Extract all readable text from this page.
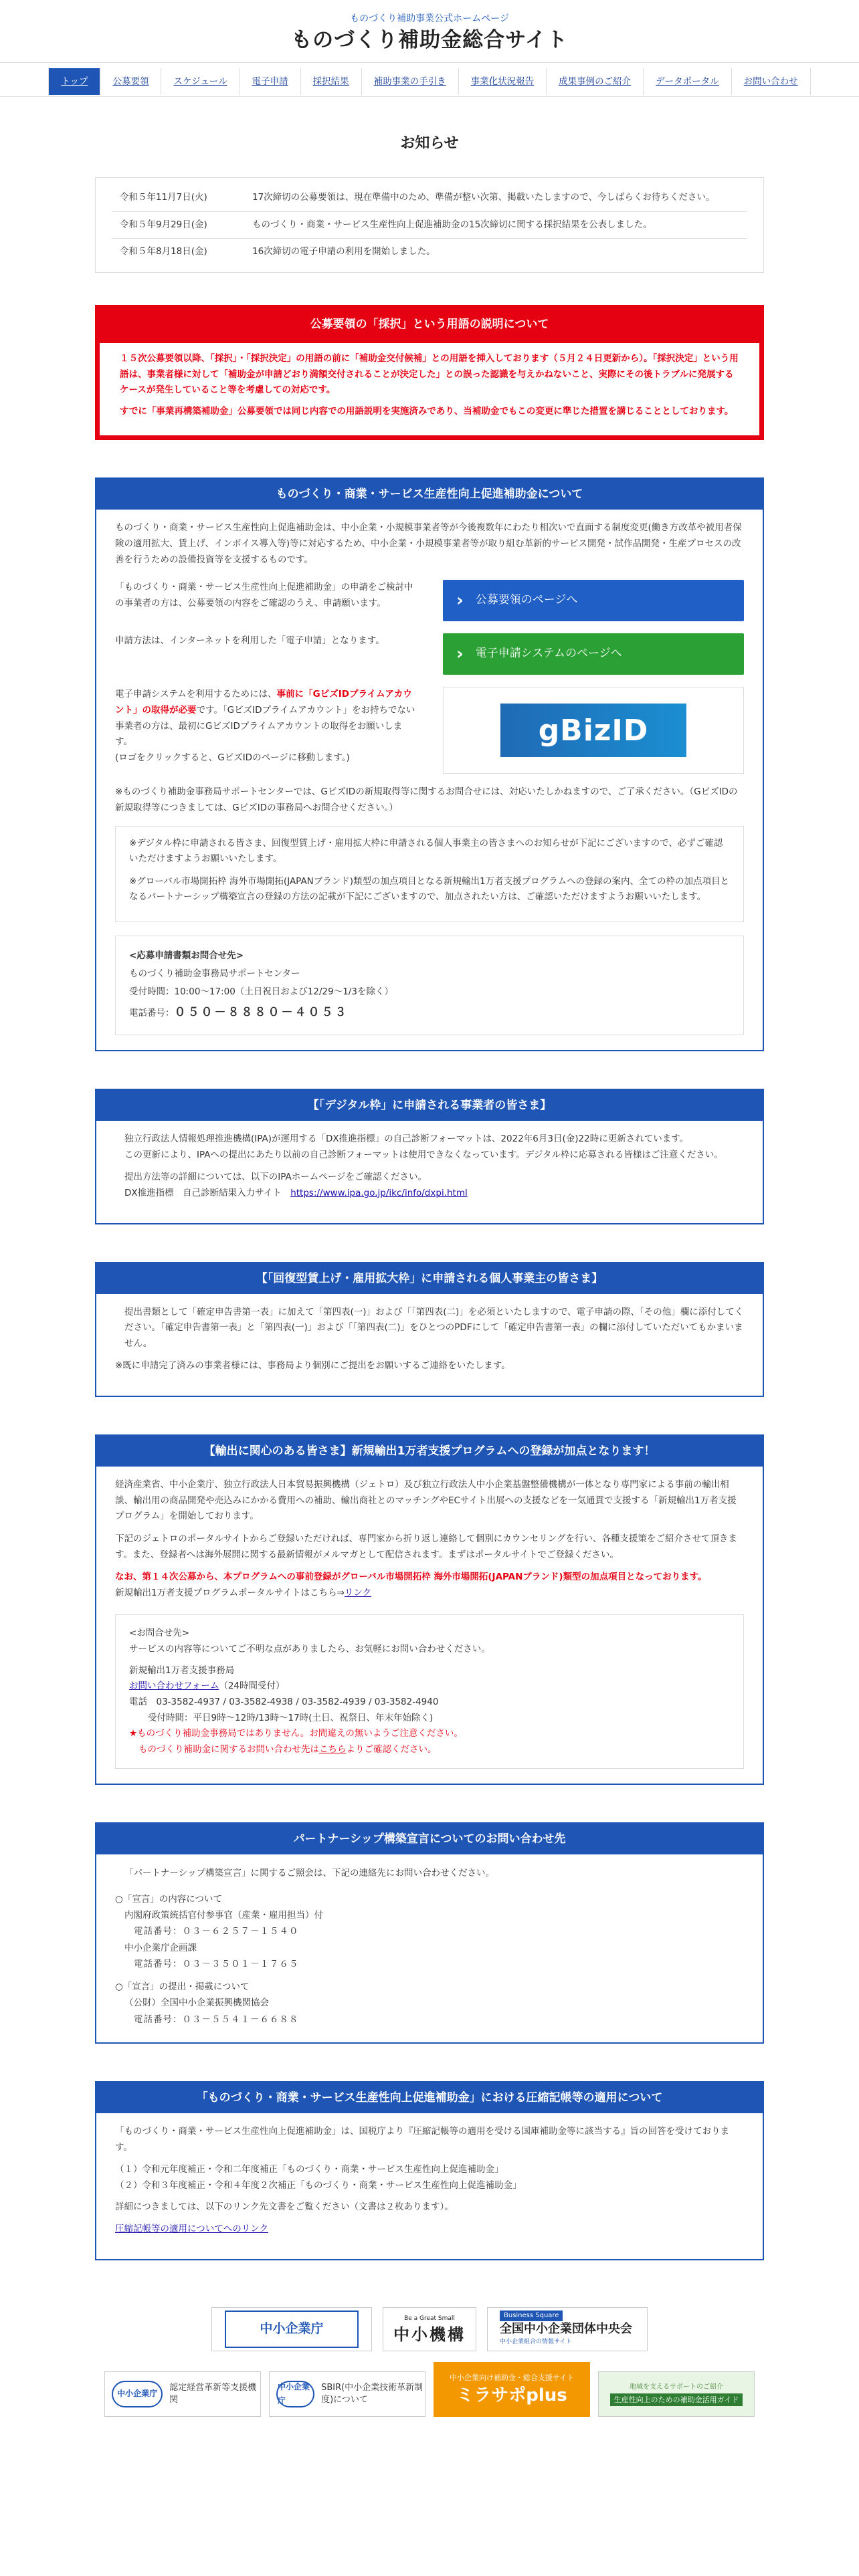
ものづくり補助事業公式ホームページ
ものづくり補助金総合サイト
トップ	公募要領	スケジュール	電子申請	採択結果	補助事業の手引き	事業化状況報告	成果事例のご紹介	データポータル	お問い合わせ
お知らせ
令和５年11月7日(火)	17次締切の公募要領は、現在準備中のため、準備が整い次第、掲載いたしますので、今しばらくお待ちください。
令和５年9月29日(金)	ものづくり・商業・サービス生産性向上促進補助金の15次締切に関する採択結果を公表しました。
令和５年8月18日(金)	16次締切の電子申請の利用を開始しました。
公募要領の「採択」という用語の説明について

１５次公募要領以降、「採択」・「採択決定」の用語の前に「補助金交付候補」との用語を挿入しております（５月２４日更新から）。「採択決定」という用語は、事業者様に対して「補助金が申請どおり満額交付されることが決定した」との誤った認識を与えかねないこと、実際にその後トラブルに発展するケースが発生していること等を考慮しての対応です。

すでに「事業再構築補助金」公募要領では同じ内容での用語説明を実施済みであり、当補助金でもこの変更に準じた措置を講じることとしております。

ものづくり・商業・サービス生産性向上促進補助金について

ものづくり・商業・サービス生産性向上促進補助金は、中小企業・小規模事業者等が今後複数年にわたり相次いで直面する制度変更(働き方改革や被用者保険の適用拡大、賃上げ、インボイス導入等)等に対応するため、中小企業・小規模事業者等が取り組む革新的サービス開発・試作品開発・生産プロセスの改善を行うための設備投資等を支援するものです。

「ものづくり・商業・サービス生産性向上促進補助金」の申請をご検討中の事業者の方は、公募要領の内容をご確認のうえ、申請願います。	› 公募要領のページへ

申請方法は、インターネットを利用した「電子申請」となります。

› 電子申請システムのページへ

電子申請システムを利用するためには、事前に「GビズIDプライムアカウント」の取得が必要です。「GビズIDプライムアカウント」をお持ちでない事業者の方は、最初にGビズIDプライムアカウントの取得をお願いします。
(ロゴをクリックすると、GビズIDのページに移動します。)

gBizID

※ものづくり補助金事務局サポートセンターでは、GビズIDの新規取得等に関するお問合せには、対応いたしかねますので、ご了承ください。（GビズIDの新規取得等につきましては、GビズIDの事務局へお問合せください。）

※デジタル枠に申請される皆さま、回復型賃上げ・雇用拡大枠に申請される個人事業主の皆さまへのお知らせが下記にございますので、必ずご確認いただけますようお願いいたします。

※グローバル市場開拓枠 海外市場開拓(JAPANブランド)類型の加点項目となる新規輸出1万者支援プログラムへの登録の案内、全ての枠の加点項目となるパートナーシップ構築宣言の登録の方法の記載が下記にございますので、加点されたい方は、ご確認いただけますようお願いいたします。

<応募申請書類お問合せ先>
ものづくり補助金事務局サポートセンター
受付時間：10:00～17:00（土日祝日および12/29～1/3を除く）
電話番号：０５０－８８８０－４０５３
【「デジタル枠」に申請される事業者の皆さま】

独立行政法人情報処理推進機構(IPA)が運用する「DX推進指標」の自己診断フォーマットは、2022年6月3日(金)22時に更新されています。

この更新により、IPAへの提出にあたり以前の自己診断フォーマットは使用できなくなっています。デジタル枠に応募される皆様はご注意ください。

提出方法等の詳細については、以下のIPAホームページをご確認ください。

DX推進指標　自己診断結果入力サイト　 https://www.ipa.go.jp/ikc/info/dxpi.html

【「回復型賃上げ・雇用拡大枠」に申請される個人事業主の皆さま】

提出書類として「確定申告書第一表」に加えて「第四表(一)」および「「第四表(二)」を必須といたしますので、電子申請の際、「その他」欄に添付してください。「確定申告書第一表」と「第四表(一)」および「「第四表(二)」をひとつのPDFにして「確定申告書第一表」の欄に添付していただいてもかまいません。

※既に申請完了済みの事業者様には、事務局より個別にご提出をお願いするご連絡をいたします。

【輸出に関心のある皆さま】新規輸出1万者支援プログラムへの登録が加点となります！

経済産業省、中小企業庁、独立行政法人日本貿易振興機構（ジェトロ）及び独立行政法人中小企業基盤整備機構が一体となり専門家による事前の輸出相談、輸出用の商品開発や売込みにかかる費用への補助、輸出商社とのマッチングやECサイト出展への支援などを一気通貫で支援する「新規輸出1万者支援プログラム」を開始しております。

下記のジェトロのポータルサイトからご登録いただければ、専門家から折り返し連絡して個別にカウンセリングを行い、各種支援策をご紹介させて頂きます。また、登録者へは海外展開に関する最新情報がメルマガとして配信されます。まずはポータルサイトでご登録ください。

なお、第１４次公募から、本プログラムへの事前登録がグローバル市場開拓枠 海外市場開拓(JAPANブランド)類型の加点項目となっております。

新規輸出1万者支援プログラムポータルサイトはこちら⇒リンク

<お問合せ先>
サービスの内容等についてご不明な点がありましたら、お気軽にお問い合わせください。
新規輸出1万者支援事務局
お問い合わせフォーム（24時間受付）
電話　03-3582-4937 / 03-3582-4938 / 03-3582-4939 / 03-3582-4940
受付時間：平日9時～12時/13時～17時(土日、祝祭日、年末年始除く)
★ものづくり補助金事務局ではありません。お間違えの無いようご注意ください。
ものづくり補助金に関するお問い合わせ先はこちらよりご確認ください。
パートナーシップ構築宣言についてのお問い合わせ先

「パートナーシップ構築宣言」に関するご照会は、下記の連絡先にお問い合わせください。

○「宣言」の内容について
内閣府政策統括官付参事官（産業・雇用担当）付
電話番号：０３－６２５７－１５４０
中小企業庁企画課
電話番号：０３－３５０１－１７６５
○「宣言」の提出・掲載について
（公財）全国中小企業振興機関協会
電話番号：０３－５５４１－６６８８
「ものづくり・商業・サービス生産性向上促進補助金」における圧縮記帳等の適用について

「ものづくり・商業・サービス生産性向上促進補助金」は、国税庁より『圧縮記帳等の適用を受ける国庫補助金等に該当する』旨の回答を受けております。

（１）令和元年度補正・令和二年度補正「ものづくり・商業・サービス生産性向上促進補助金」
（２）令和３年度補正・令和４年度２次補正「ものづくり・商業・サービス生産性向上促進補助金」

詳細につきましては、以下のリンク先文書をご覧ください（文書は２枚あります）。

圧縮記帳等の適用についてへのリンク

中小企業庁
Be a Great Small
中小機構
Business Square
全国中小企業団体中央会
中小企業組合の情報サイト
中小企業庁
認定経営革新等支援機関
中小企業庁
SBIR(中小企業技術革新制度)について
中小企業向け補助金・総合支援サイト
ミラサポplus	地域を支えるサポートのご紹介
生産性向上のための補助金活用ガイド
